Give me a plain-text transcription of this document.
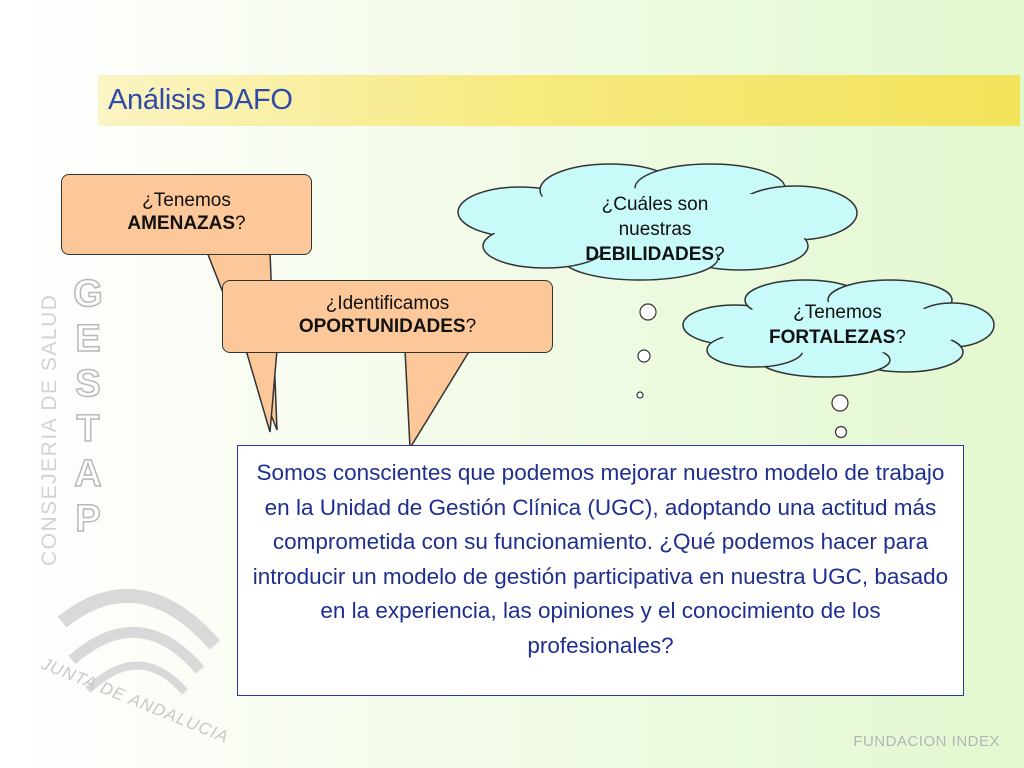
Análisis DAFO
CONSEJERIA DE SALUD
JUNTA DE ANDALUCIA
G
E
S
T
A
P
¿Tenemos
AMENAZAS?
¿Identificamos
OPORTUNIDADES?
¿Cuáles son
nuestras
DEBILIDADES?
¿Tenemos
FORTALEZAS?
Somos conscientes que podemos mejorar nuestro modelo de trabajo en la Unidad de Gestión Clínica (UGC), adoptando una actitud más comprometida con su funcionamiento. ¿Qué podemos hacer para introducir un modelo de gestión participativa en nuestra UGC, basado en la experiencia, las opiniones y el conocimiento de los profesionales?
FUNDACION INDEX
